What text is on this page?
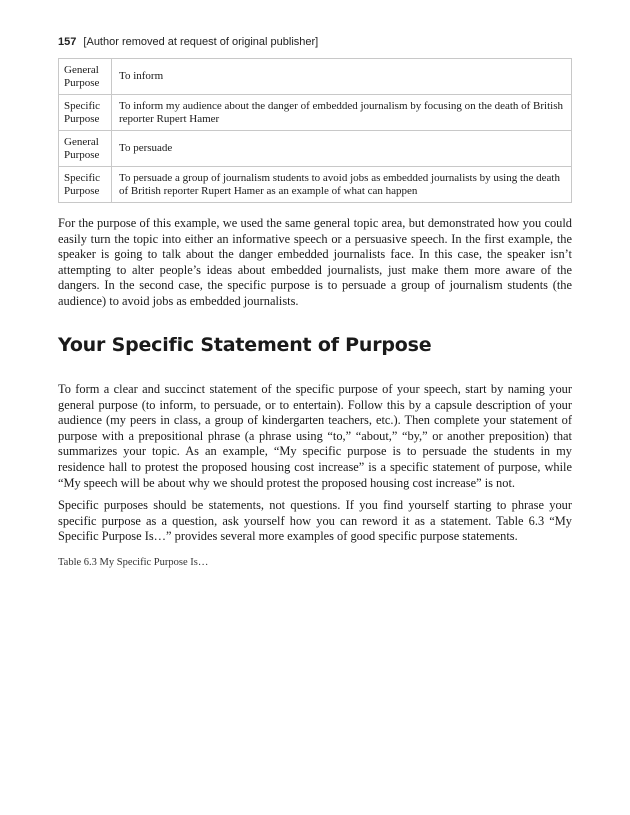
157 [Author removed at request of original publisher]
General Purpose	To inform
Specific Purpose	To inform my audience about the danger of embedded journalism by focusing on the death of British reporter Rupert Hamer
General Purpose	To persuade
Specific Purpose	To persuade a group of journalism students to avoid jobs as embedded journalists by using the death of British reporter Rupert Hamer as an example of what can happen

For the purpose of this example, we used the same general topic area, but demonstrated how you could easily turn the topic into either an informative speech or a persuasive speech. In the first example, the speaker is going to talk about the danger embedded journalists face. In this case, the speaker isn’t attempting to alter people’s ideas about embedded journalists, just make them more aware of the dangers. In the second case, the specific purpose is to persuade a group of journalism students (the audience) to avoid jobs as embedded journalists.

Your Specific Statement of Purpose

To form a clear and succinct statement of the specific purpose of your speech, start by naming your general purpose (to inform, to persuade, or to entertain). Follow this by a capsule description of your audience (my peers in class, a group of kindergarten teachers, etc.). Then complete your statement of purpose with a prepositional phrase (a phrase using “to,” “about,” “by,” or another preposition) that summarizes your topic. As an example, “My specific purpose is to persuade the students in my residence hall to protest the proposed housing cost increase” is a specific statement of purpose, while “My speech will be about why we should protest the proposed housing cost increase” is not.

Specific purposes should be statements, not questions. If you find yourself starting to phrase your specific purpose as a question, ask yourself how you can reword it as a statement. Table 6.3 “My Specific Purpose Is…” provides several more examples of good specific purpose statements.

Table 6.3 My Specific Purpose Is…
